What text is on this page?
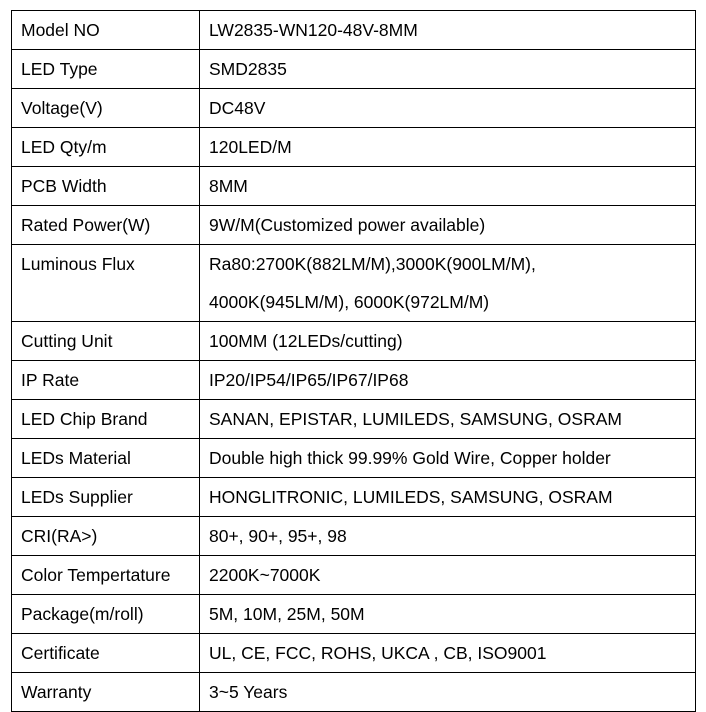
Model NO	LW2835-WN120-48V-8MM
LED Type	SMD2835
Voltage(V)	DC48V
LED Qty/m	120LED/M
PCB Width	8MM
Rated Power(W)	9W/M(Customized power available)
Luminous Flux	Ra80:2700K(882LM/M),3000K(900LM/M),
4000K(945LM/M), 6000K(972LM/M)

Cutting Unit	100MM (12LEDs/cutting)
IP Rate	IP20/IP54/IP65/IP67/IP68
LED Chip Brand	SANAN, EPISTAR, LUMILEDS, SAMSUNG, OSRAM
LEDs Material	Double high thick 99.99% Gold Wire, Copper holder
LEDs Supplier	HONGLITRONIC, LUMILEDS, SAMSUNG, OSRAM
CRI(RA>)	80+, 90+, 95+, 98
Color Tempertature	2200K~7000K
Package(m/roll)	5M, 10M, 25M, 50M
Certificate	UL, CE, FCC, ROHS, UKCA , CB, ISO9001
Warranty	3~5 Years
